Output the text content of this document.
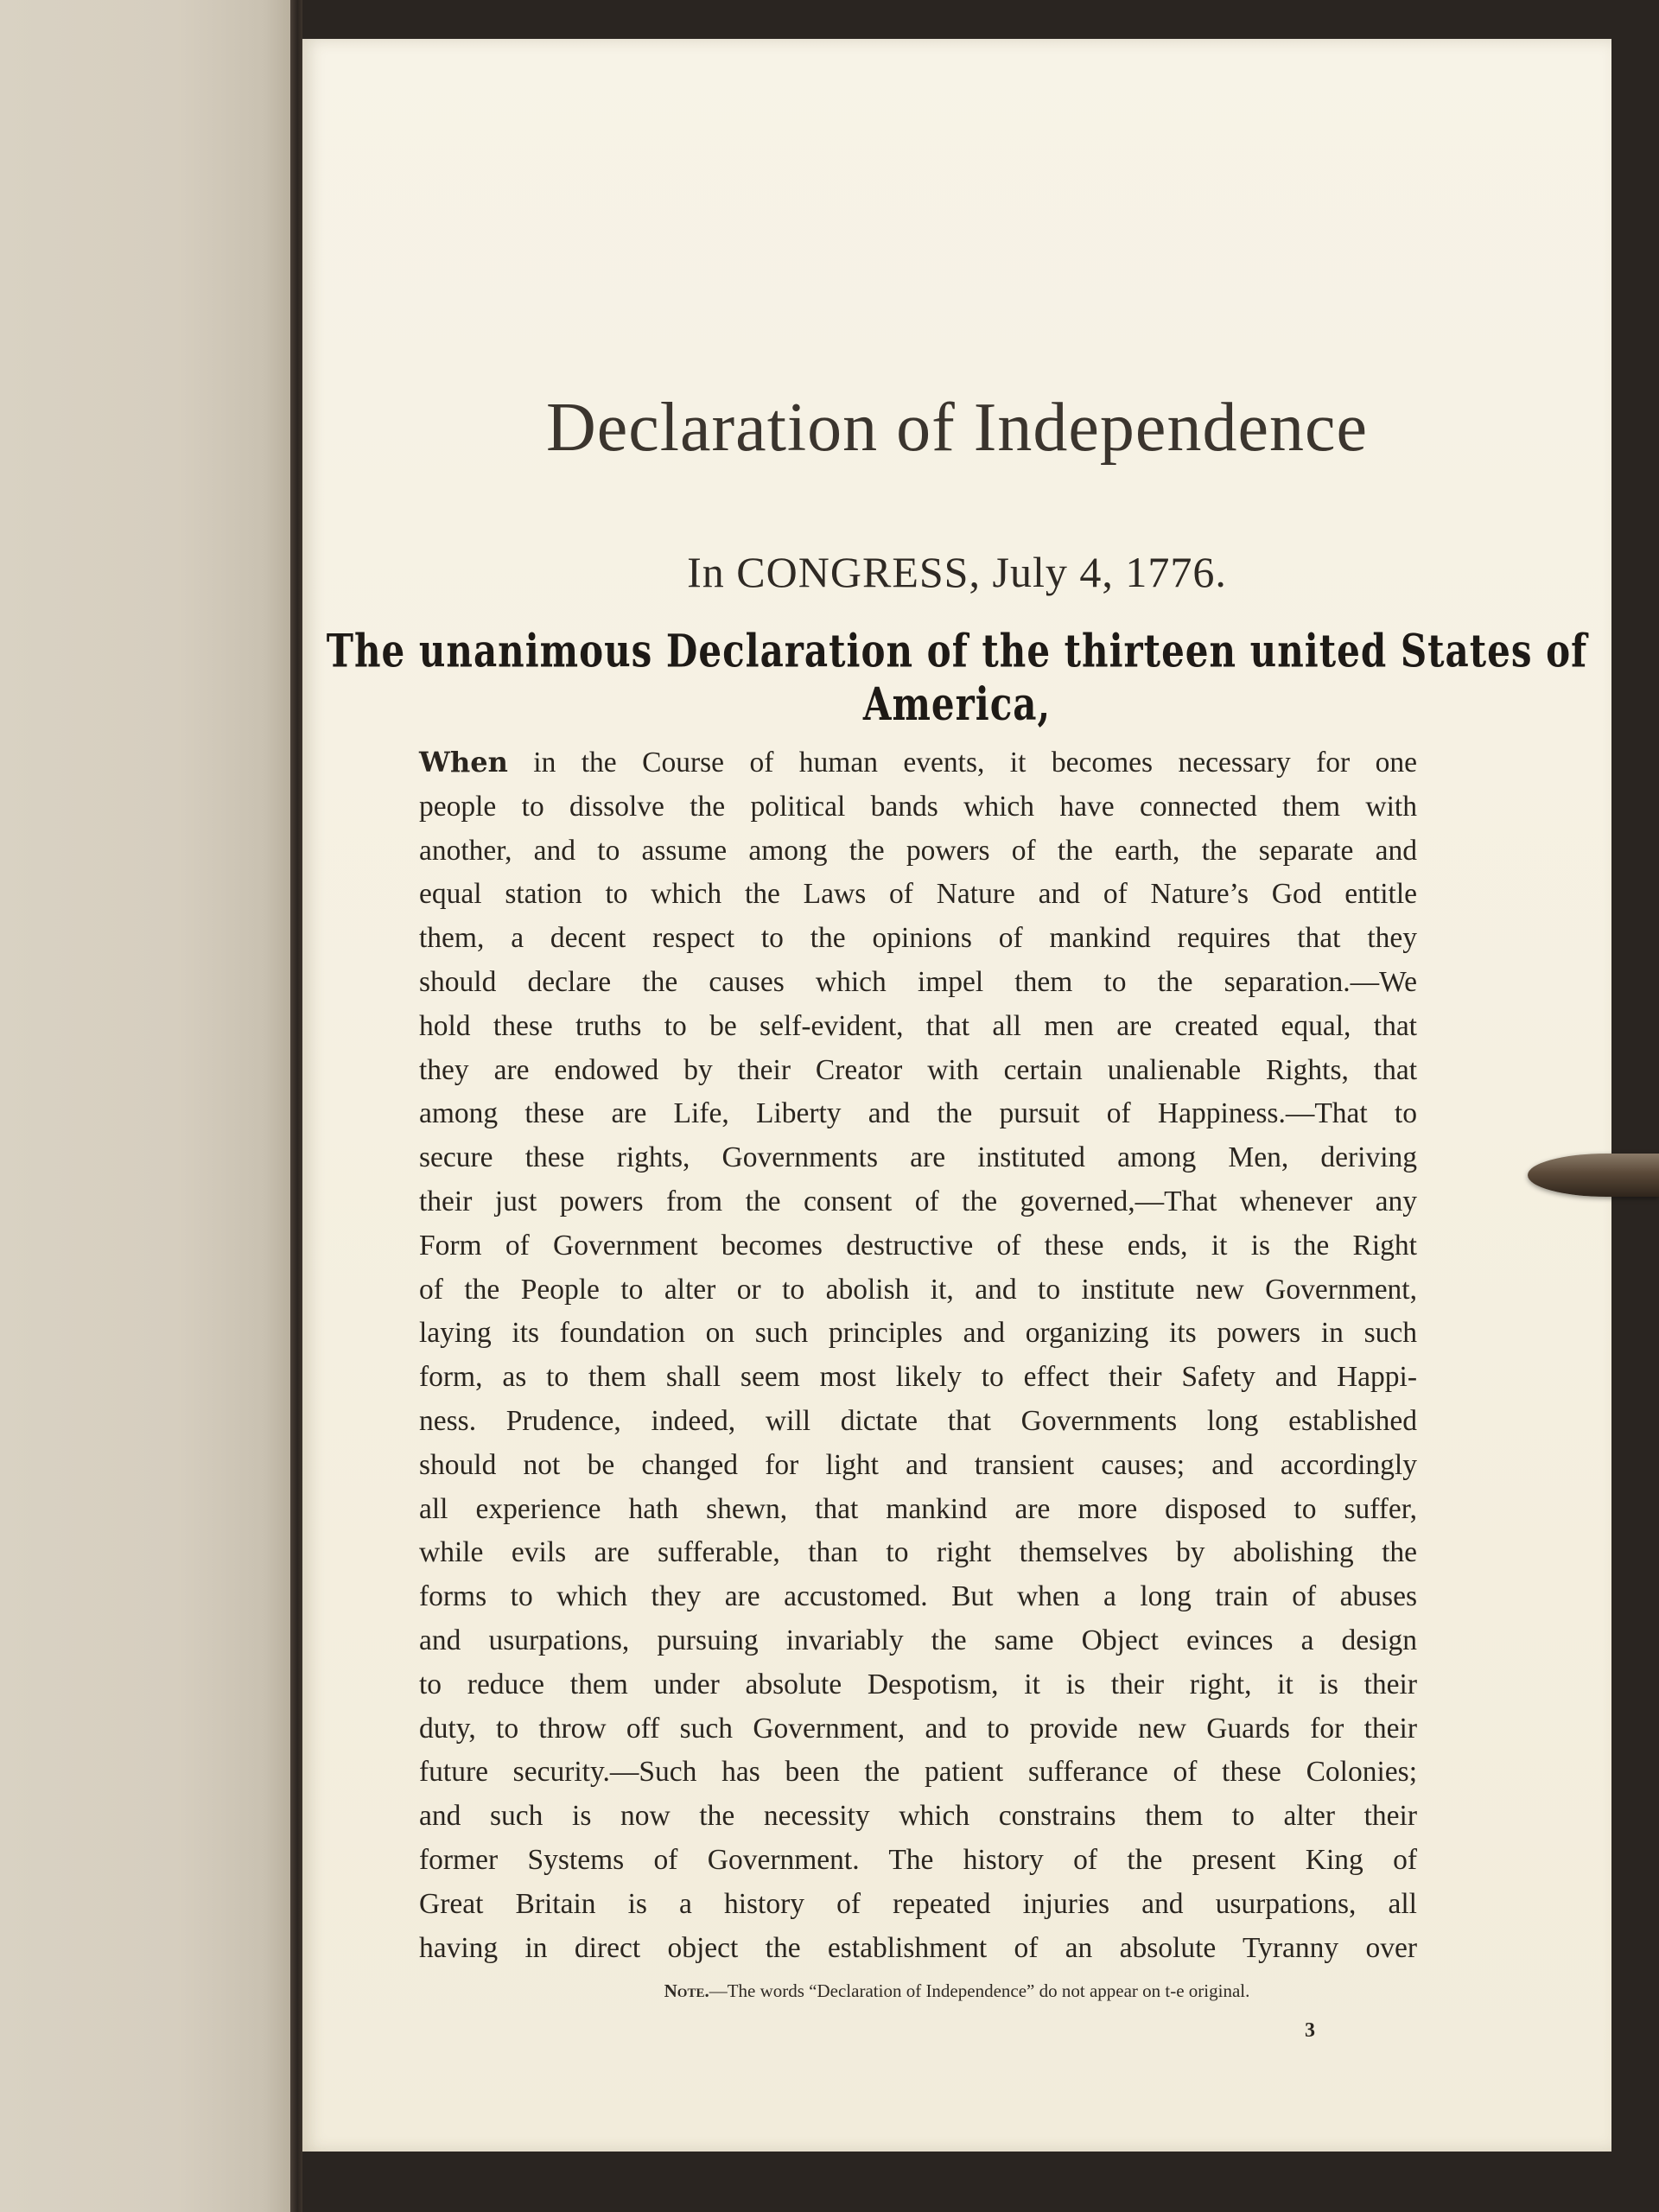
Declaration of Independence
In CONGRESS, July 4, 1776.
The unanimous Declaration of the thirteen united States of America,
When in the Course of human events, it becomes necessary for one
people to dissolve the political bands which have connected them with
another, and to assume among the powers of the earth, the separate and
equal station to which the Laws of Nature and of Nature’s God entitle
them, a decent respect to the opinions of mankind requires that they
should declare the causes which impel them to the separation.—We
hold these truths to be self-evident, that all men are created equal, that
they are endowed by their Creator with certain unalienable Rights, that
among these are Life, Liberty and the pursuit of Happiness.—That to
secure these rights, Governments are instituted among Men, deriving
their just powers from the consent of the governed,—That whenever any
Form of Government becomes destructive of these ends, it is the Right
of the People to alter or to abolish it, and to institute new Government,
laying its foundation on such principles and organizing its powers in such
form, as to them shall seem most likely to effect their Safety and Happi-
ness. Prudence, indeed, will dictate that Governments long established
should not be changed for light and transient causes; and accordingly
all experience hath shewn, that mankind are more disposed to suffer,
while evils are sufferable, than to right themselves by abolishing the
forms to which they are accustomed. But when a long train of abuses
and usurpations, pursuing invariably the same Object evinces a design
to reduce them under absolute Despotism, it is their right, it is their
duty, to throw off such Government, and to provide new Guards for their
future security.—Such has been the patient sufferance of these Colonies;
and such is now the necessity which constrains them to alter their
former Systems of Government. The history of the present King of
Great Britain is a history of repeated injuries and usurpations, all
having in direct object the establishment of an absolute Tyranny over
Note.—The words “Declaration of Independence” do not appear on t‐e original.
3
